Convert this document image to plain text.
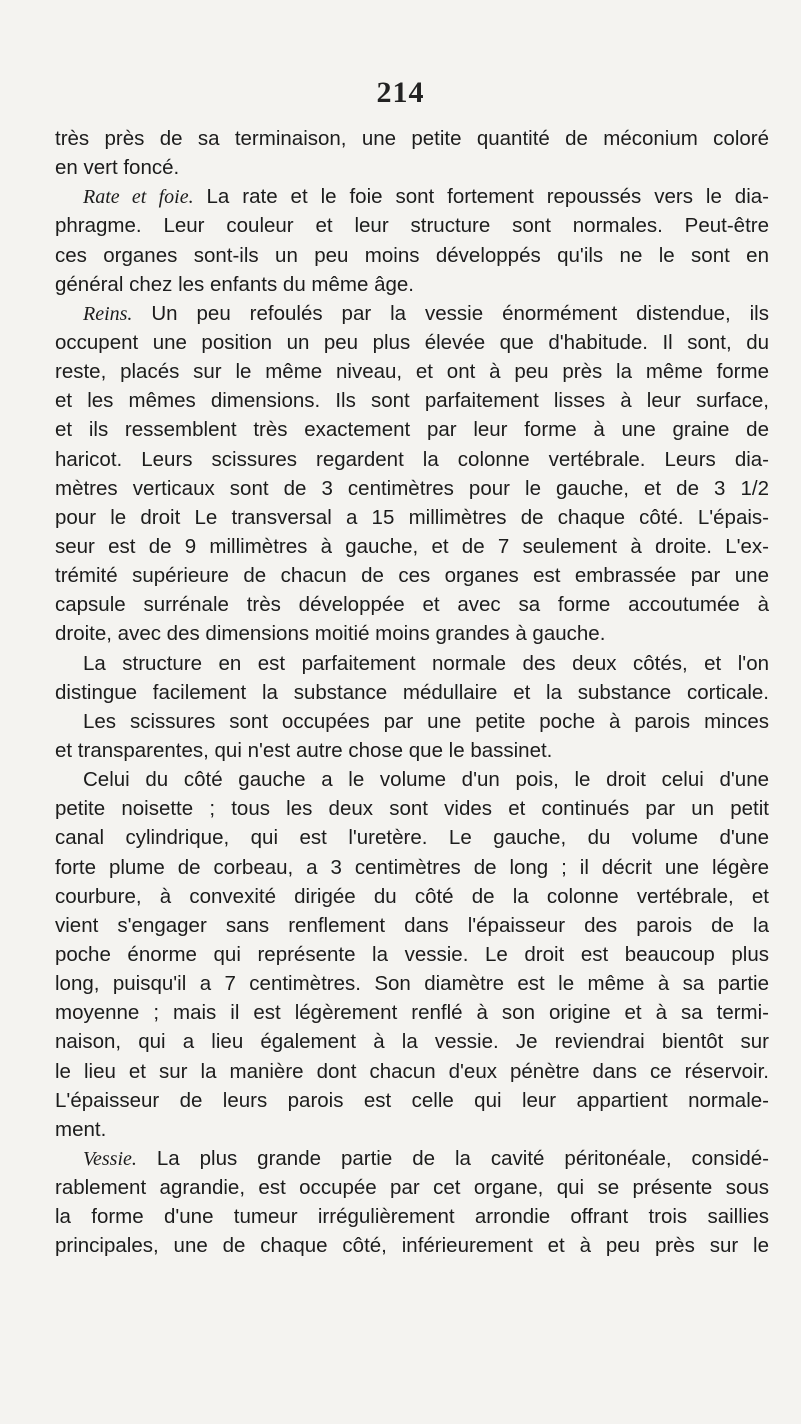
214
très près de sa terminaison, une petite quantité de méconium coloré
en vert foncé.
Rate et foie. La rate et le foie sont fortement repoussés vers le dia-
phragme. Leur couleur et leur structure sont normales. Peut-être
ces organes sont-ils un peu moins développés qu'ils ne le sont en
général chez les enfants du même âge.
Reins. Un peu refoulés par la vessie énormément distendue, ils
occupent une position un peu plus élevée que d'habitude. Il sont, du
reste, placés sur le même niveau, et ont à peu près la même forme
et les mêmes dimensions. Ils sont parfaitement lisses à leur surface,
et ils ressemblent très exactement par leur forme à une graine de
haricot. Leurs scissures regardent la colonne vertébrale. Leurs dia-
mètres verticaux sont de 3 centimètres pour le gauche, et de 3 1/2
pour le droit Le transversal a 15 millimètres de chaque côté. L'épais-
seur est de 9 millimètres à gauche, et de 7 seulement à droite. L'ex-
trémité supérieure de chacun de ces organes est embrassée par une
capsule surrénale très développée et avec sa forme accoutumée à
droite, avec des dimensions moitié moins grandes à gauche.
La structure en est parfaitement normale des deux côtés, et l'on
distingue facilement la substance médullaire et la substance corticale.
Les scissures sont occupées par une petite poche à parois minces
et transparentes, qui n'est autre chose que le bassinet.
Celui du côté gauche a le volume d'un pois, le droit celui d'une
petite noisette ; tous les deux sont vides et continués par un petit
canal cylindrique, qui est l'uretère. Le gauche, du volume d'une
forte plume de corbeau, a 3 centimètres de long ; il décrit une légère
courbure, à convexité dirigée du côté de la colonne vertébrale, et
vient s'engager sans renflement dans l'épaisseur des parois de la
poche énorme qui représente la vessie. Le droit est beaucoup plus
long, puisqu'il a 7 centimètres. Son diamètre est le même à sa partie
moyenne ; mais il est légèrement renflé à son origine et à sa termi-
naison, qui a lieu également à la vessie. Je reviendrai bientôt sur
le lieu et sur la manière dont chacun d'eux pénètre dans ce réservoir.
L'épaisseur de leurs parois est celle qui leur appartient normale-
ment.
Vessie. La plus grande partie de la cavité péritonéale, considé-
rablement agrandie, est occupée par cet organe, qui se présente sous
la forme d'une tumeur irrégulièrement arrondie offrant trois saillies
principales, une de chaque côté, inférieurement et à peu près sur le
